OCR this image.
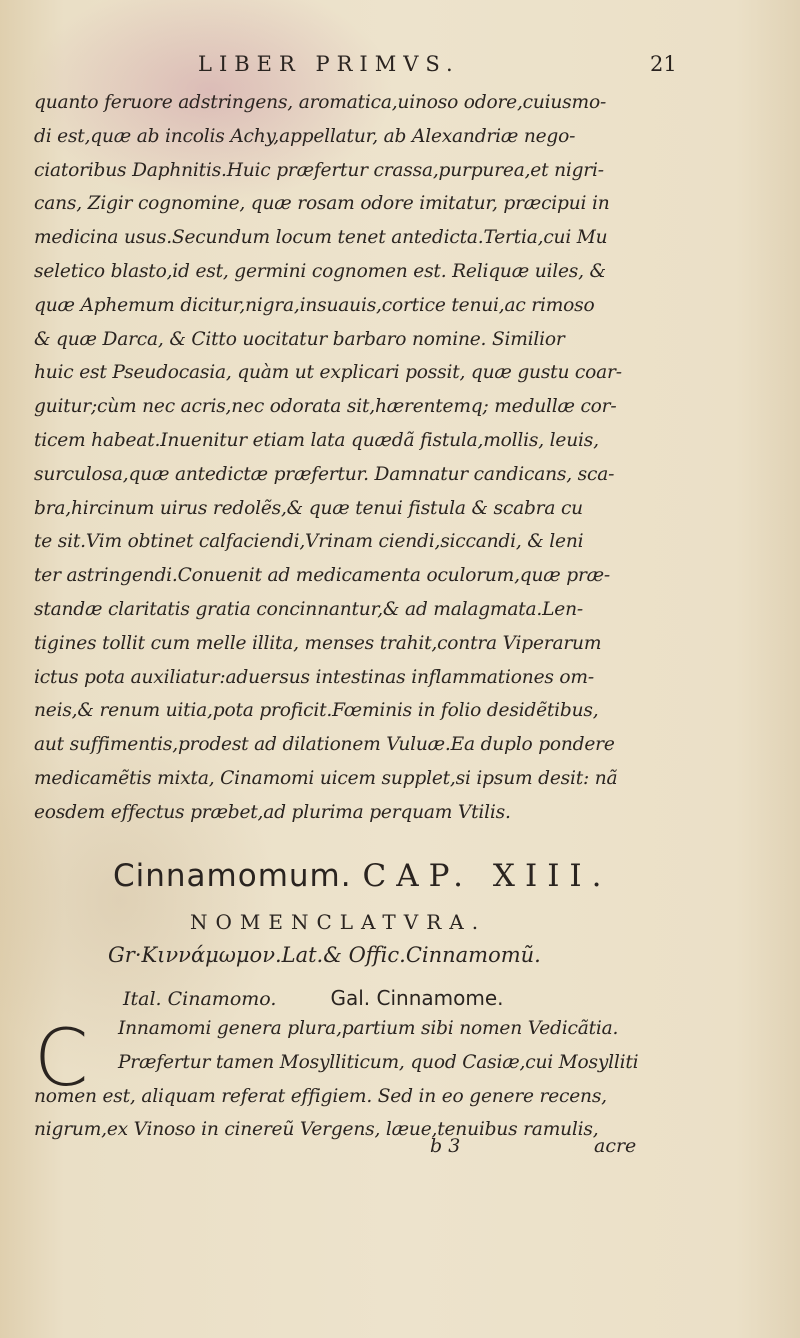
LIBER PRIMVS.	21
quanto feruore adstringens, aromatica,uinoso odore,cuiusmo-
di est,quæ ab incolis Achy,appellatur, ab Alexandriæ nego-
ciatoribus Daphnitis.Huic præfertur crassa,purpurea,et nigri-
cans, Zigir cognomine, quæ rosam odore imitatur, præcipui in
medicina usus.Secundum locum tenet antedicta.Tertia,cui Mu
seletico blasto,id est, germini cognomen est. Reliquæ uiles, &
quæ Aphemum dicitur,nigra,insuauis,cortice tenui,ac rimoso
& quæ Darca, & Citto uocitatur barbaro nomine. Similior
huic est Pseudocasia, quàm ut explicari possit, quæ gustu coar-
guitur;cùm nec acris,nec odorata sit,hærentemq; medullæ cor-
ticem habeat.Inuenitur etiam lata quædã fistula,mollis, leuis,
surculosa,quæ antedictæ præfertur. Damnatur candicans, sca-
bra,hircinum uirus redolẽs,& quæ tenui fistula & scabra cu
te sit.Vim obtinet calfaciendi,Vrinam ciendi,siccandi, & leni
ter astringendi.Conuenit ad medicamenta oculorum,quæ præ-
standæ claritatis gratia concinnantur,& ad malagmata.Len-
tigines tollit cum melle illita, menses trahit,contra Viperarum
ictus pota auxiliatur:aduersus intestinas inflammationes om-
neis,& renum uitia,pota proficit.Fœminis in folio desidẽtibus,
aut suffimentis,prodest ad dilationem Vuluæ.Ea duplo pondere
medicamẽtis mixta, Cinamomi uicem supplet,si ipsum desit: nã
eosdem effectus præbet,ad plurima perquam Vtilis.
Cinnamomum. CAP. XIII.
NOMENCLATVRA.
Gr·Κιννάμωμον.Lat.& Offic.Cinnamomũ.
Ital. Cinamomo.	Gal. Cinnamome.
C	Innamomi genera plura,partium sibi nomen Vedicãtia.
Præfertur tamen Mosylliticum, quod Casiæ,cui Mosylliti
nomen est, aliquam referat effigiem. Sed in eo genere recens,
nigrum,ex Vinoso in cinereũ Vergens, læue,tenuibus ramulis,
b 3	acre
